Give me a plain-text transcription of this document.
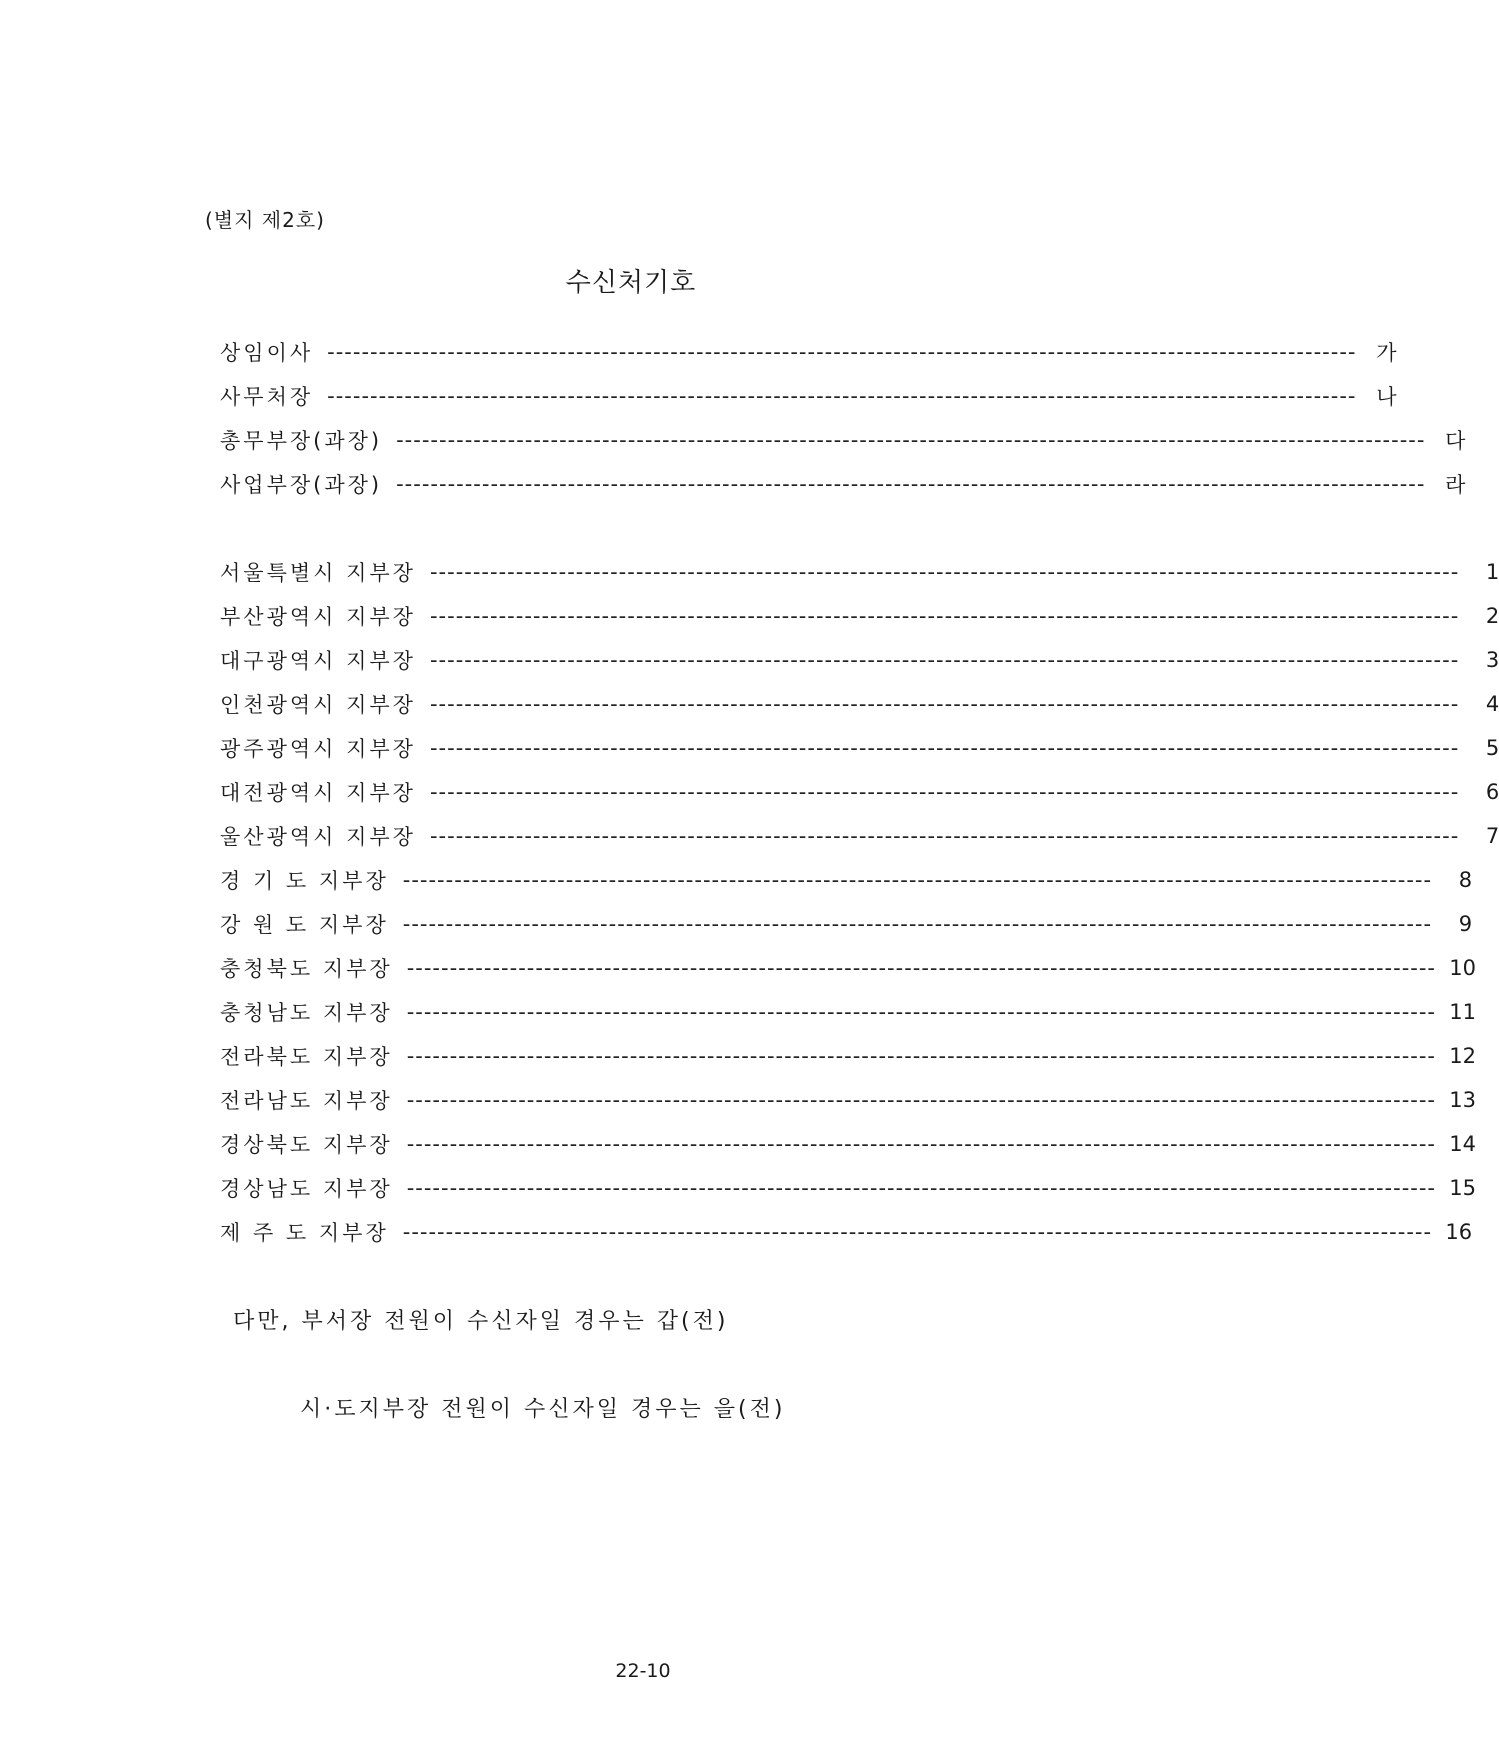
(별지 제2호)
수신처기호
상임이사 ------------------------------------------------------------------------------------------------------------------------ 가
사무처장 ------------------------------------------------------------------------------------------------------------------------ 나
총무부장(과장) ------------------------------------------------------------------------------------------------------------------------ 다
사업부장(과장) ------------------------------------------------------------------------------------------------------------------------ 라
서울특별시 지부장 ------------------------------------------------------------------------------------------------------------------------	1
부산광역시 지부장 ------------------------------------------------------------------------------------------------------------------------	2
대구광역시 지부장 ------------------------------------------------------------------------------------------------------------------------	3
인천광역시 지부장 ------------------------------------------------------------------------------------------------------------------------	4
광주광역시 지부장 ------------------------------------------------------------------------------------------------------------------------	5
대전광역시 지부장 ------------------------------------------------------------------------------------------------------------------------	6
울산광역시 지부장 ------------------------------------------------------------------------------------------------------------------------	7
경 기 도 지부장 ------------------------------------------------------------------------------------------------------------------------	8
강 원 도 지부장 ------------------------------------------------------------------------------------------------------------------------	9
충청북도 지부장 ------------------------------------------------------------------------------------------------------------------------ 10
충청남도 지부장 ------------------------------------------------------------------------------------------------------------------------ 11
전라북도 지부장 ------------------------------------------------------------------------------------------------------------------------ 12
전라남도 지부장 ------------------------------------------------------------------------------------------------------------------------ 13
경상북도 지부장 ------------------------------------------------------------------------------------------------------------------------ 14
경상남도 지부장 ------------------------------------------------------------------------------------------------------------------------ 15
제 주 도 지부장 ------------------------------------------------------------------------------------------------------------------------ 16
다만, 부서장 전원이 수신자일 경우는 갑(전)
시·도지부장 전원이 수신자일 경우는 을(전)
22-10
